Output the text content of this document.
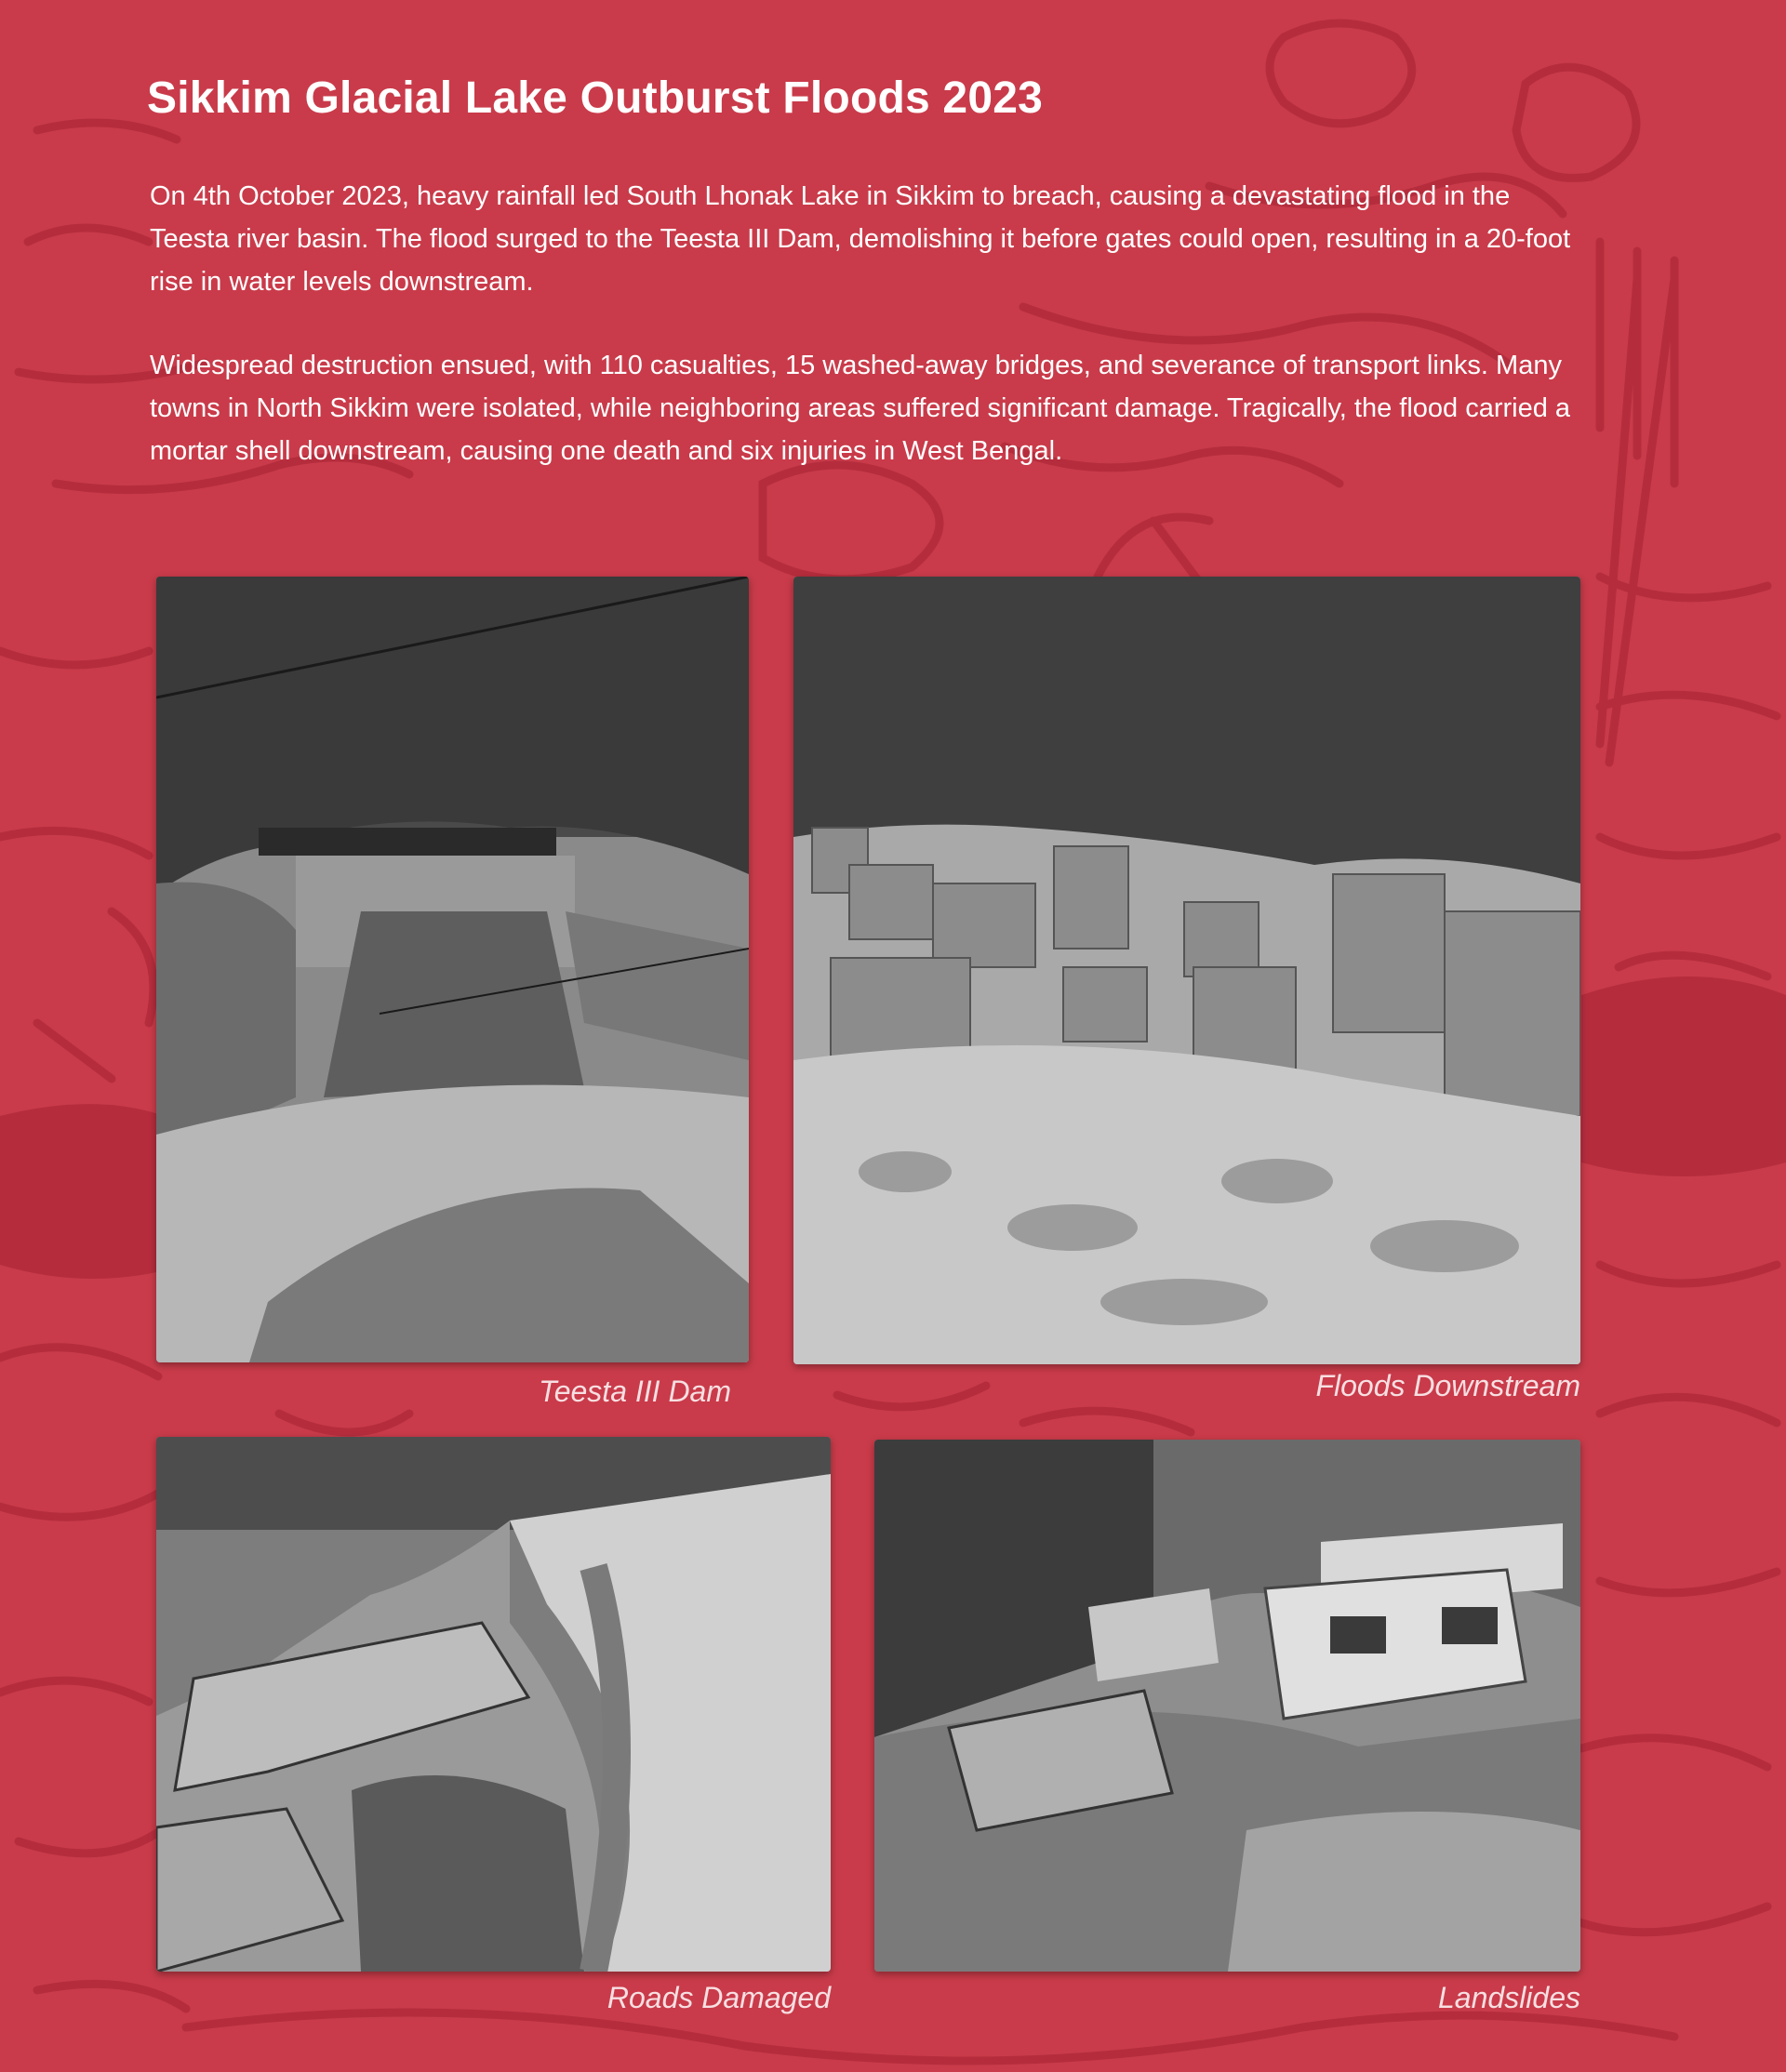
Sikkim Glacial Lake Outburst Floods 2023

On 4th October 2023, heavy rainfall led South Lhonak Lake in Sikkim to breach, causing a devastating flood in the Teesta river basin. The flood surged to the Teesta III Dam, demolishing it before gates could open, resulting in a 20-foot rise in water levels downstream.

Widespread destruction ensued, with 110 casualties, 15 washed-away bridges, and severance of transport links. Many towns in North Sikkim were isolated, while neighboring areas suffered significant damage. Tragically, the flood carried a mortar shell downstream, causing one death and six injuries in West Bengal.

Teesta III Dam	Floods Downstream

Roads Damaged	Landslides
